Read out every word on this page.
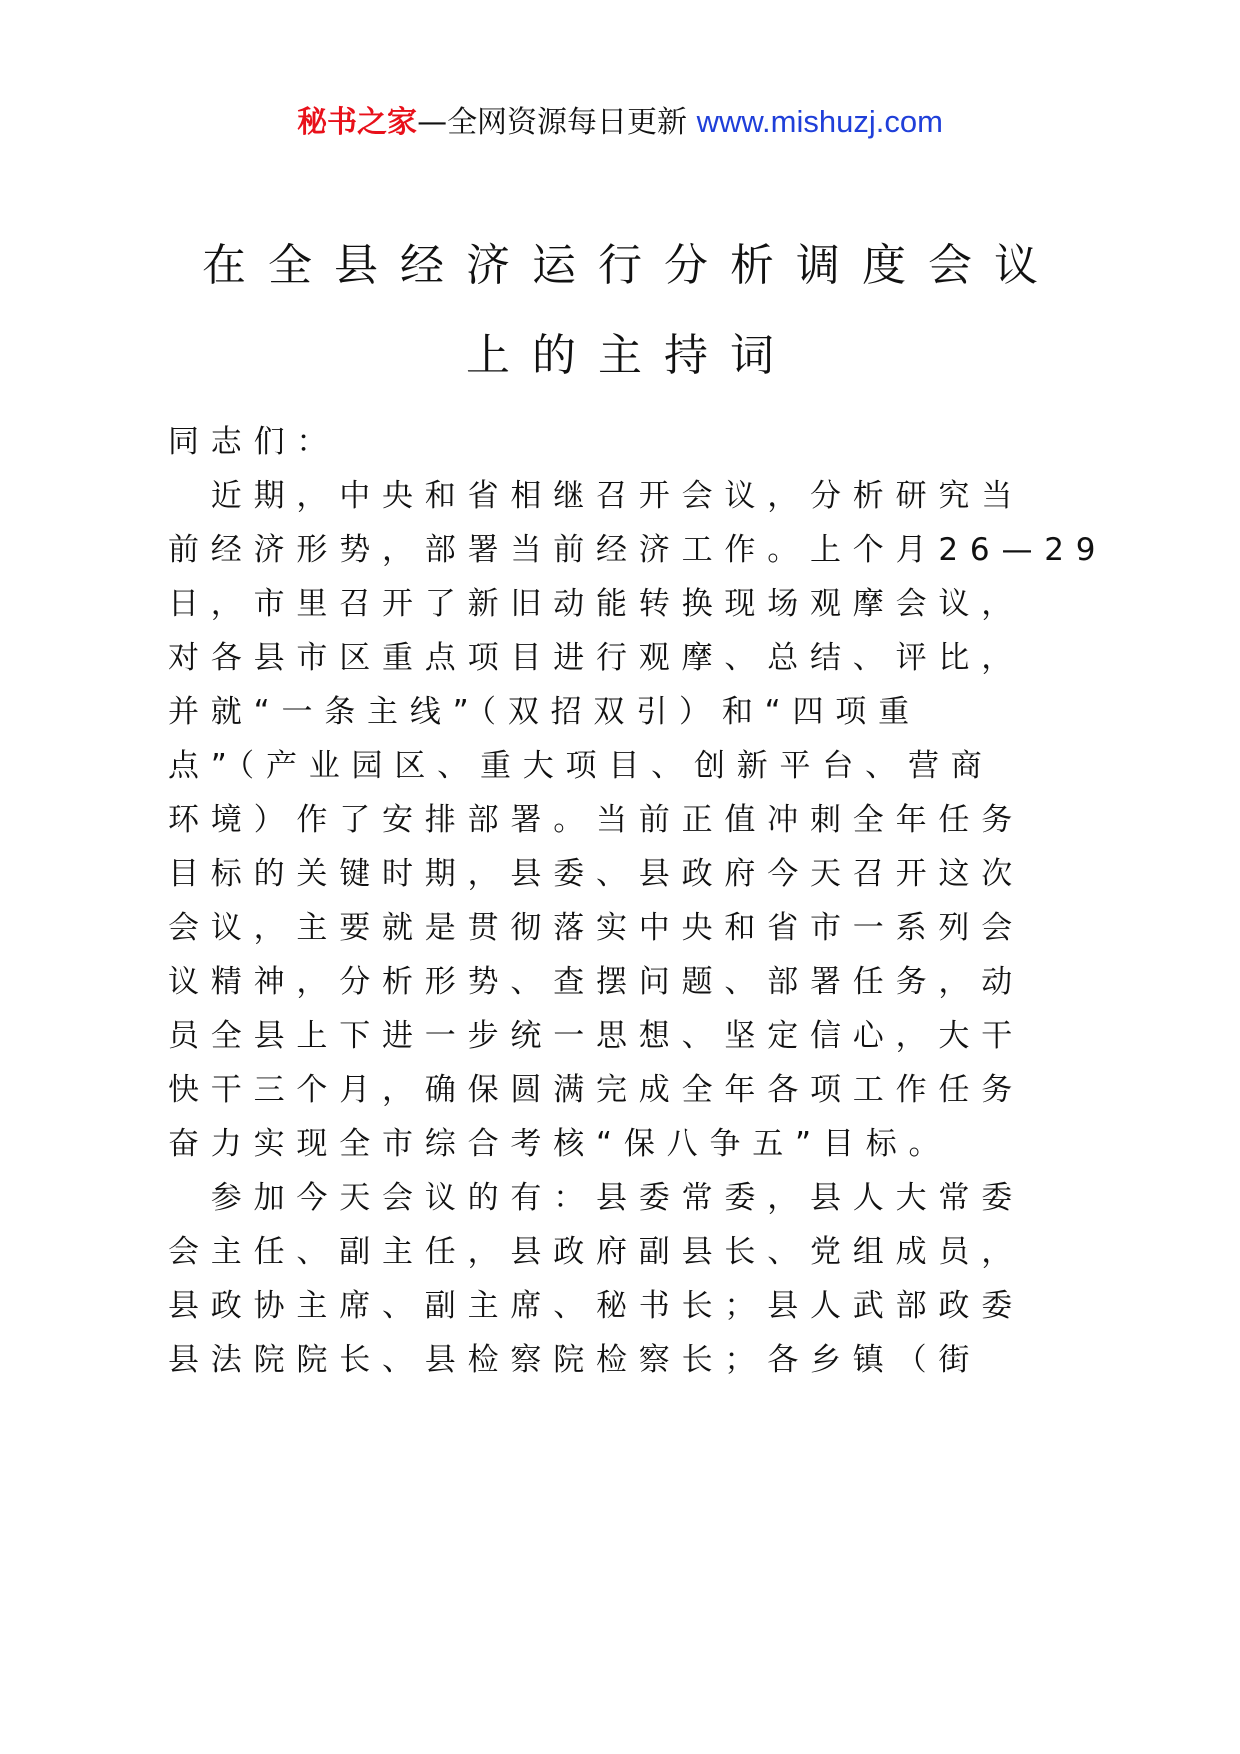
秘书之家—全网资源每日更新 www.mishuzj.com
在全县经济运行分析调度会议
上的主持词
同志们：
　近期，中央和省相继召开会议，分析研究当
前经济形势，部署当前经济工作。上个月26—29
日，市里召开了新旧动能转换现场观摩会议，
对各县市区重点项目进行观摩、总结、评比，
并就“一条主线”（双招双引）和“四项重
点”（产业园区、重大项目、创新平台、营商
环境）作了安排部署。当前正值冲刺全年任务
目标的关键时期，县委、县政府今天召开这次
会议，主要就是贯彻落实中央和省市一系列会
议精神，分析形势、查摆问题、部署任务，动
员全县上下进一步统一思想、坚定信心，大干
快干三个月，确保圆满完成全年各项工作任务
奋力实现全市综合考核“保八争五”目标。
　参加今天会议的有：县委常委，县人大常委
会主任、副主任，县政府副县长、党组成员，
县政协主席、副主席、秘书长；县人武部政委
县法院院长、县检察院检察长；各乡镇（街
